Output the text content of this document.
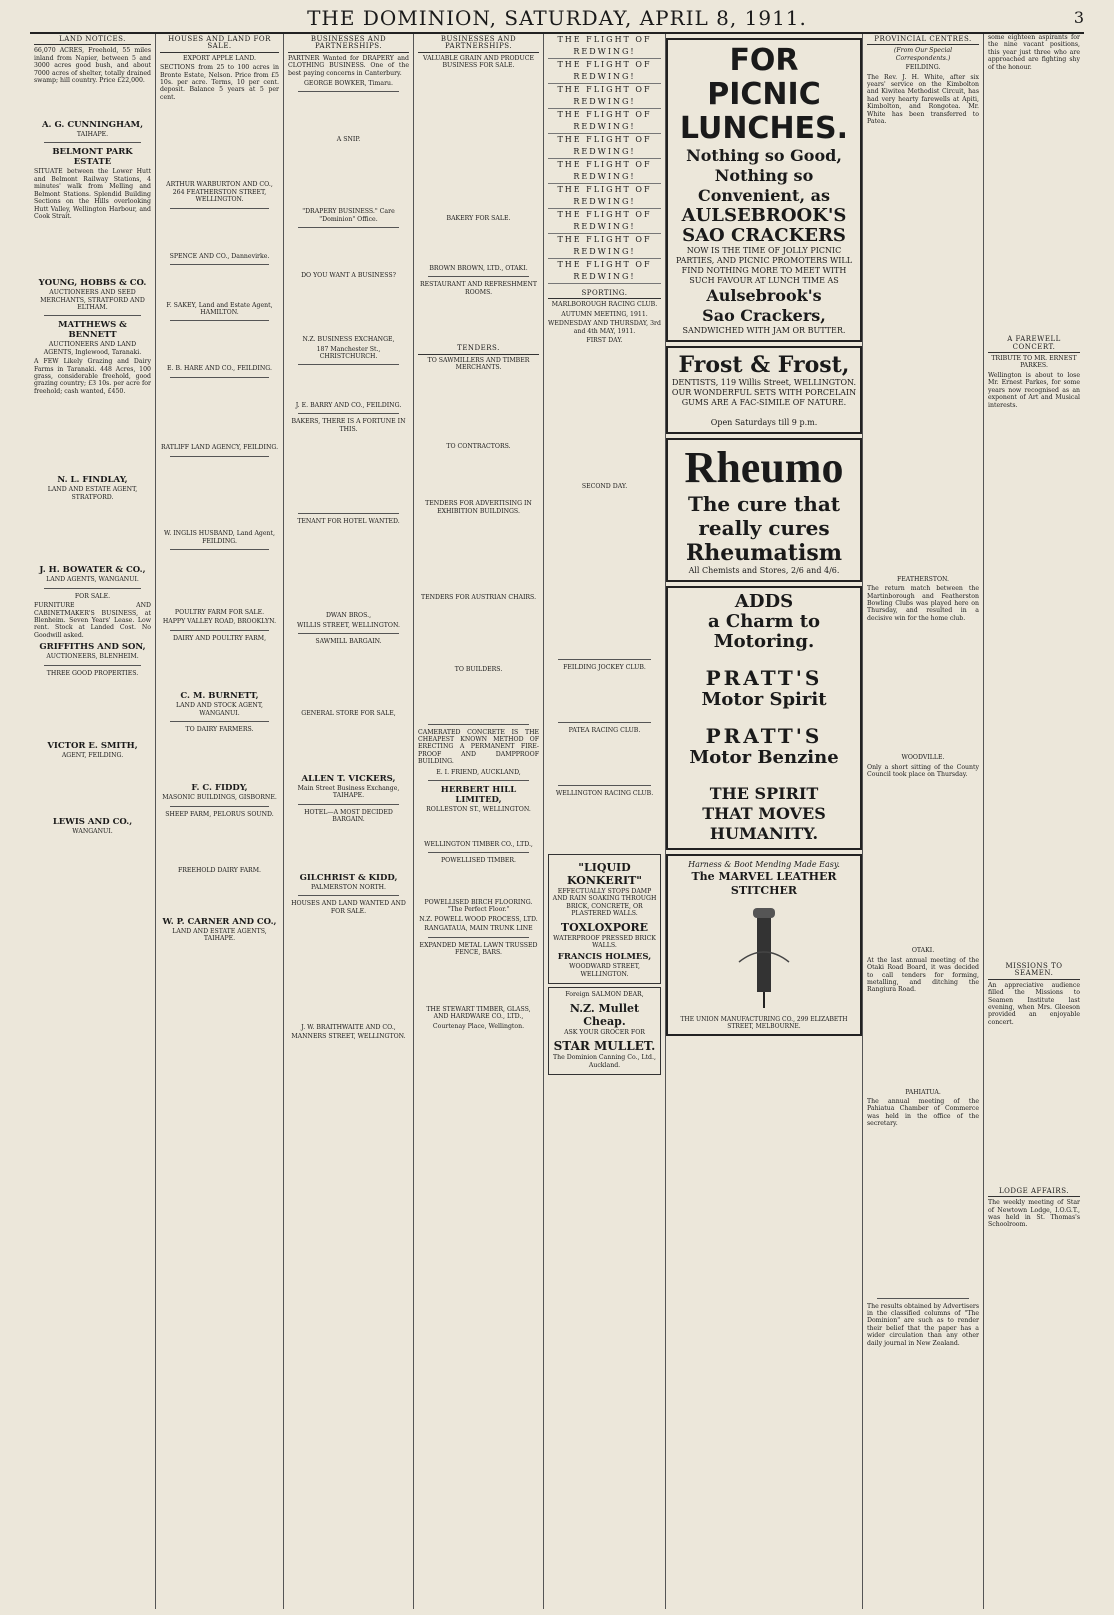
THE DOMINION, SATURDAY, APRIL 8, 1911.	3
LAND NOTICES.
66,070 ACRES, Freehold, 55 miles inland from Napier, between 5 and 3000 acres good bush, and about 7000 acres of shelter, totally drained swamp; hill country. Price £22,000.

A. G. CUNNINGHAM,
TAIHAPE.
BELMONT PARK ESTATE
SITUATE between the Lower Hutt and Belmont Railway Stations, 4 minutes' walk from Melling and Belmont Stations. Splendid Building Sections on the Hills overlooking Hutt Valley, Wellington Harbour, and Cook Strait.

YOUNG, HOBBS & CO.
AUCTIONEERS AND SEED MERCHANTS, STRATFORD AND ELTHAM.
MATTHEWS & BENNETT
AUCTIONEERS AND LAND AGENTS, Inglewood, Taranaki.
A FEW Likely Grazing and Dairy Farms in Taranaki. 448 Acres, 100 grass, considerable freehold, good grazing country; £3 10s. per acre for freehold; cash wanted, £450.

N. L. FINDLAY,
LAND AND ESTATE AGENT, STRATFORD.

J. H. BOWATER & CO.,
LAND AGENTS, WANGANUI.
FOR SALE.
FURNITURE AND CABINETMAKER'S BUSINESS, at Blenheim. Seven Years' Lease. Low rent. Stock at Landed Cost. No Goodwill asked.
GRIFFITHS AND SON,
AUCTIONEERS, BLENHEIM.
THREE GOOD PROPERTIES.

VICTOR E. SMITH,
AGENT, FEILDING.

LEWIS AND CO.,
WANGANUI.
HOUSES AND LAND FOR SALE.
EXPORT APPLE LAND.
SECTIONS from 25 to 100 acres in Bronte Estate, Nelson. Price from £5 10s. per acre. Terms, 10 per cent. deposit. Balance 5 years at 5 per cent.

ARTHUR WARBURTON AND CO., 264 FEATHERSTON STREET, WELLINGTON.

SPENCE AND CO., Dannevirke.

F. SAKEY, Land and Estate Agent, HAMILTON.

E. B. HARE AND CO., FEILDING.

RATLIFF LAND AGENCY, FEILDING.

W. INGLIS HUSBAND, Land Agent, FEILDING.

POULTRY FARM FOR SALE.
HAPPY VALLEY ROAD, BROOKLYN.
DAIRY AND POULTRY FARM,

C. M. BURNETT,
LAND AND STOCK AGENT, WANGANUI.
TO DAIRY FARMERS.

F. C. FIDDY,
MASONIC BUILDINGS, GISBORNE.
SHEEP FARM, PELORUS SOUND.

FREEHOLD DAIRY FARM.

W. P. CARNER AND CO.,
LAND AND ESTATE AGENTS, TAIHAPE.
BUSINESSES AND PARTNERSHIPS.
PARTNER Wanted for DRAPERY and CLOTHING BUSINESS. One of the best paying concerns in Canterbury.
GEORGE BOWKER, Timaru.

A SNIP.

"DRAPERY BUSINESS." Care "Dominion" Office.

DO YOU WANT A BUSINESS?

N.Z. BUSINESS EXCHANGE,
187 Manchester St., CHRISTCHURCH.

J. E. BARRY AND CO., FEILDING.
BAKERS, THERE IS A FORTUNE IN THIS.

TENANT FOR HOTEL WANTED.

DWAN BROS.,
WILLIS STREET, WELLINGTON.
SAWMILL BARGAIN.

GENERAL STORE FOR SALE,

ALLEN T. VICKERS,
Main Street Business Exchange, TAIHAPE.
HOTEL—A MOST DECIDED BARGAIN.

GILCHRIST & KIDD,
PALMERSTON NORTH.
HOUSES AND LAND WANTED AND FOR SALE.

J. W. BRAITHWAITE AND CO.,
MANNERS STREET, WELLINGTON.
BUSINESSES AND PARTNERSHIPS.
VALUABLE GRAIN AND PRODUCE BUSINESS FOR SALE.

BAKERY FOR SALE.

BROWN BROWN, LTD., OTAKI.
RESTAURANT AND REFRESHMENT ROOMS.

TENDERS.
TO SAWMILLERS AND TIMBER MERCHANTS.

TO CONTRACTORS.

TENDERS FOR ADVERTISING IN EXHIBITION BUILDINGS.

TENDERS FOR AUSTRIAN CHAIRS.

TO BUILDERS.

CAMERATED CONCRETE IS THE CHEAPEST KNOWN METHOD OF ERECTING A PERMANENT FIRE-PROOF AND DAMPPROOF BUILDING.
E. I. FRIEND, AUCKLAND,
HERBERT HILL LIMITED,
ROLLESTON ST., WELLINGTON.

WELLINGTON TIMBER CO., LTD.,
POWELLISED TIMBER.

POWELLISED BIRCH FLOORING. "The Perfect Floor."
N.Z. POWELL WOOD PROCESS, LTD.
RANGATAUA, MAIN TRUNK LINE
EXPANDED METAL LAWN TRUSSED FENCE, BARS.

THE STEWART TIMBER, GLASS, AND HARDWARE CO., LTD.,
Courtenay Place, Wellington.
THE FLIGHT OF REDWING!
THE FLIGHT OF REDWING!
THE FLIGHT OF REDWING!
THE FLIGHT OF REDWING!
THE FLIGHT OF REDWING!
THE FLIGHT OF REDWING!
THE FLIGHT OF REDWING!
THE FLIGHT OF REDWING!
THE FLIGHT OF REDWING!
THE FLIGHT OF REDWING!
SPORTING.
MARLBOROUGH RACING CLUB.
AUTUMN MEETING, 1911.
WEDNESDAY AND THURSDAY, 3rd and 4th MAY, 1911.
FIRST DAY.

SECOND DAY.

FEILDING JOCKEY CLUB.

PATEA RACING CLUB.

WELLINGTON RACING CLUB.

"LIQUID KONKERIT"
EFFECTUALLY STOPS DAMP AND RAIN SOAKING THROUGH BRICK, CONCRETE, OR PLASTERED WALLS.
TOXLOXPORE
WATERPROOF PRESSED BRICK WALLS.
FRANCIS HOLMES,
WOODWARD STREET, WELLINGTON.
Foreign SALMON DEAR,
N.Z. Mullet Cheap.
ASK YOUR GROCER FOR
STAR MULLET.
The Dominion Canning Co., Ltd., Auckland.
FOR PICNIC LUNCHES.
Nothing so Good,
Nothing so Convenient, as
AULSEBROOK'S SAO CRACKERS
NOW IS THE TIME OF JOLLY PICNIC PARTIES, AND PICNIC PROMOTERS WILL FIND NOTHING MORE TO MEET WITH SUCH FAVOUR AT LUNCH TIME AS
Aulsebrook's
Sao Crackers,
SANDWICHED WITH JAM OR BUTTER.
Frost & Frost,
DENTISTS, 119 Willis Street, WELLINGTON.
OUR WONDERFUL SETS WITH PORCELAIN GUMS ARE A FAC-SIMILE OF NATURE.
Open Saturdays till 9 p.m.
Rheumo
The cure that really cures
Rheumatism
All Chemists and Stores, 2/6 and 4/6.
ADDS
a Charm to
Motoring.
PRATT'S
Motor Spirit
PRATT'S
Motor Benzine
THE SPIRIT
THAT MOVES
HUMANITY.
Harness & Boot Mending Made Easy.
The MARVEL LEATHER STITCHER
THE UNION MANUFACTURING CO., 299 ELIZABETH STREET, MELBOURNE.
PROVINCIAL CENTRES.
(From Our Special Correspondents.)
FEILDING.
The Rev. J. H. White, after six years' service on the Kimbolton and Kiwitea Methodist Circuit, has had very hearty farewells at Apiti, Kimbolton, and Rongotea. Mr. White has been transferred to Patea.

FEATHERSTON.
The return match between the Martinborough and Featherston Bowling Clubs was played here on Thursday, and resulted in a decisive win for the home club.

WOODVILLE.
Only a short sitting of the County Council took place on Thursday.

OTAKI.
At the last annual meeting of the Otaki Road Board, it was decided to call tenders for forming, metalling, and ditching the Rangiura Road.

PAHIATUA.
The annual meeting of the Pahiatua Chamber of Commerce was held in the office of the secretary.

The results obtained by Advertisers in the classified columns of "The Dominion" are such as to render their belief that the paper has a wider circulation than any other daily journal in New Zealand.
some eighteen aspirants for the nine vacant positions, this year just three who are approached are fighting shy of the honour.

A FAREWELL CONCERT.
TRIBUTE TO MR. ERNEST PARKES.
Wellington is about to lose Mr. Ernest Parkes, for some years now recognised as an exponent of Art and Musical interests.

MISSIONS TO SEAMEN.
An appreciative audience filled the Missions to Seamen Institute last evening, when Mrs. Gleeson provided an enjoyable concert.

LODGE AFFAIRS.
The weekly meeting of Star of Newtown Lodge, I.O.G.T., was held in St. Thomas's Schoolroom.
